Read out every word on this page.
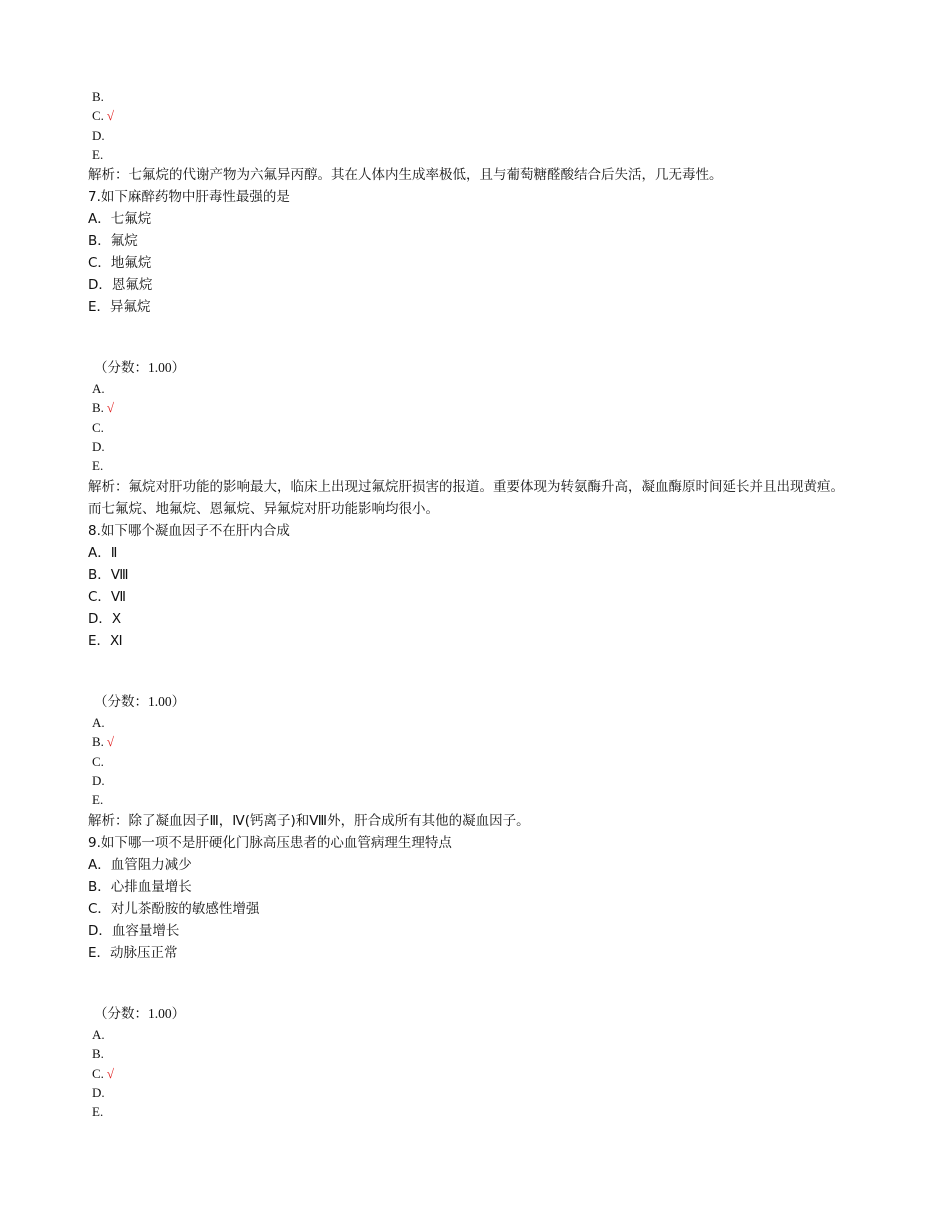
B.
C. √
D.
E.
解析：七氟烷的代谢产物为六氟异丙醇。其在人体内生成率极低，且与葡萄糖醛酸结合后失活，几无毒性。
7.如下麻醉药物中肝毒性最强的是
A．七氟烷
B．氟烷
C．地氟烷
D．恩氟烷
E．异氟烷
（分数：1.00）
A.
B. √
C.
D.
E.
解析：氟烷对肝功能的影响最大，临床上出现过氟烷肝损害的报道。重要体现为转氨酶升高，凝血酶原时间延长并且出现黄疸。
而七氟烷、地氟烷、恩氟烷、异氟烷对肝功能影响均很小。
8.如下哪个凝血因子不在肝内合成
A．Ⅱ
B．Ⅷ
C．Ⅶ
D．Ⅹ
E．Ⅺ
（分数：1.00）
A.
B. √
C.
D.
E.
解析：除了凝血因子Ⅲ，Ⅳ(钙离子)和Ⅷ外，肝合成所有其他的凝血因子。
9.如下哪一项不是肝硬化门脉高压患者的心血管病理生理特点
A．血管阻力减少
B．心排血量增长
C．对儿茶酚胺的敏感性增强
D．血容量增长
E．动脉压正常
（分数：1.00）
A.
B.
C. √
D.
E.
